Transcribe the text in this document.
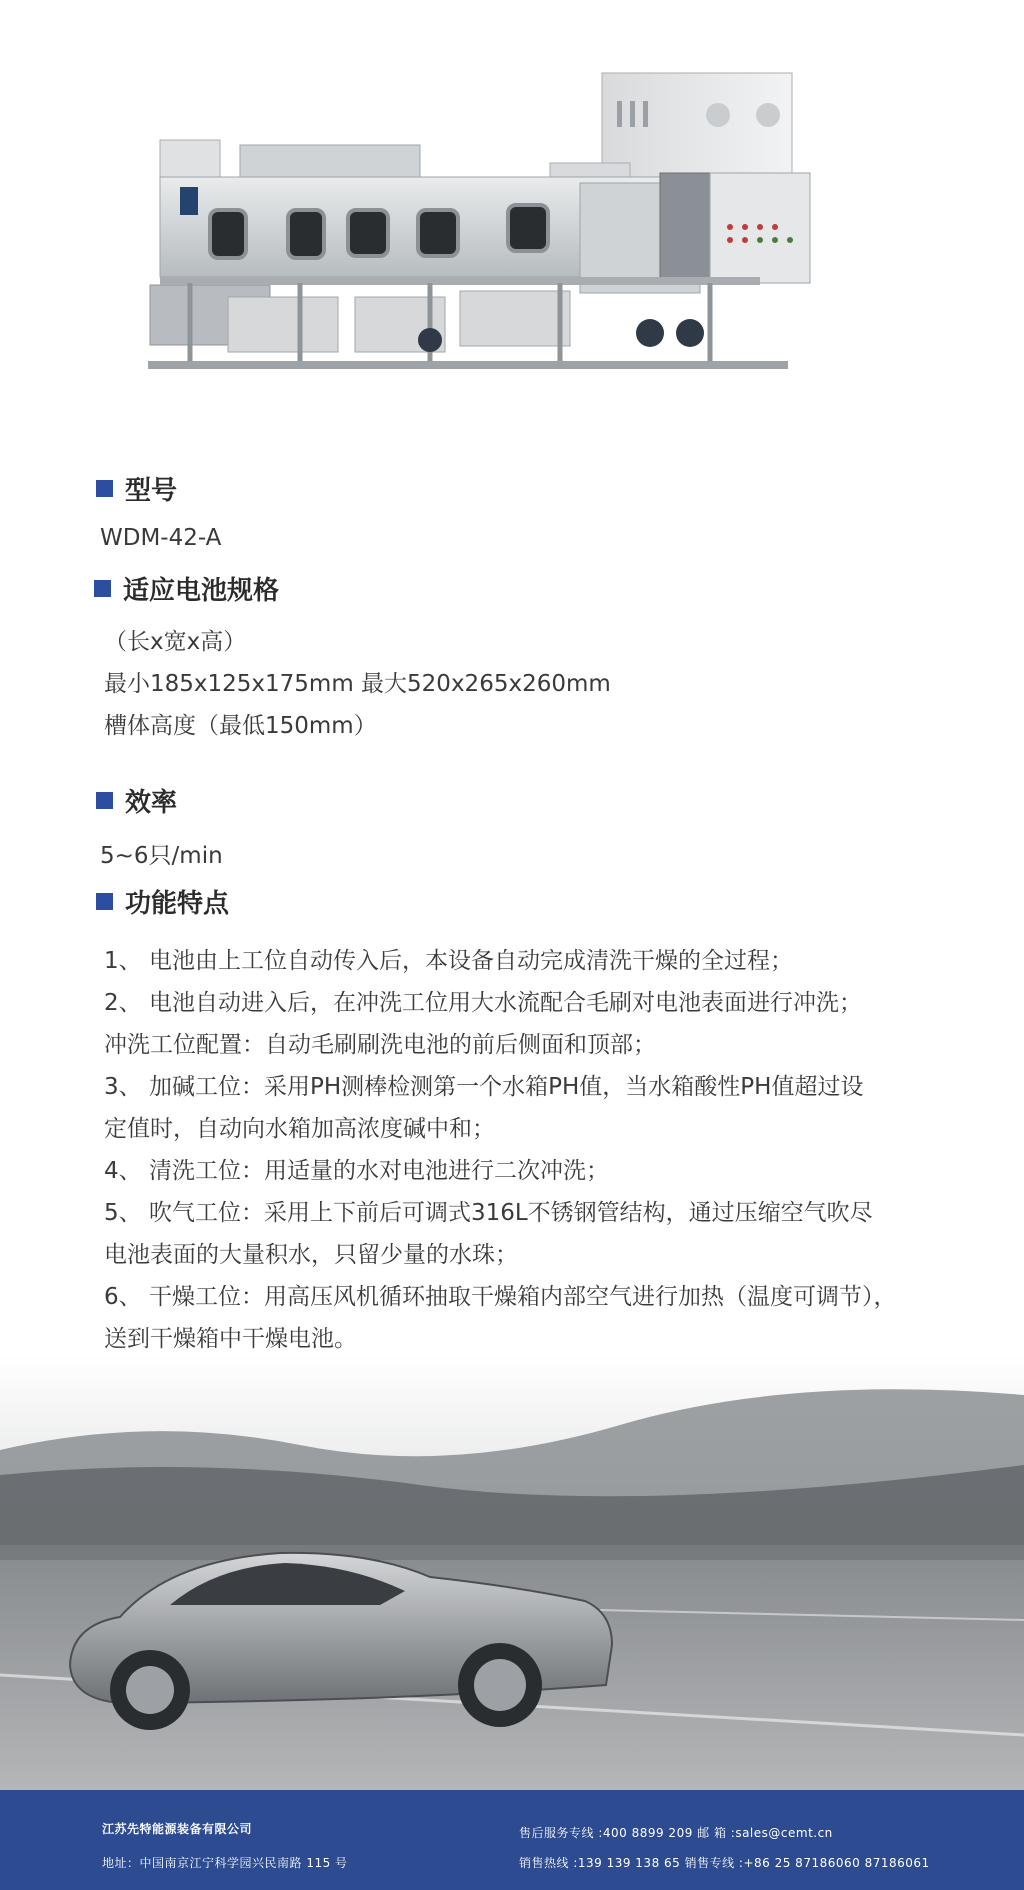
型号
WDM-42-A
适应电池规格
（长x宽x高）
最小185x125x175mm 最大520x265x260mm
槽体高度（最低150mm）
效率
5~6只/min
功能特点
1、 电池由上工位自动传入后，本设备自动完成清洗干燥的全过程；
2、 电池自动进入后，在冲洗工位用大水流配合毛刷对电池表面进行冲洗；
冲洗工位配置：自动毛刷刷洗电池的前后侧面和顶部；
3、 加碱工位：采用PH测棒检测第一个水箱PH值，当水箱酸性PH值超过设
定值时，自动向水箱加高浓度碱中和；
4、 清洗工位：用适量的水对电池进行二次冲洗；
5、 吹气工位：采用上下前后可调式316L不锈钢管结构，通过压缩空气吹尽
电池表面的大量积水，只留少量的水珠；
6、 干燥工位：用高压风机循环抽取干燥箱内部空气进行加热（温度可调节），
送到干燥箱中干燥电池。
江苏先特能源装备有限公司
地址：中国南京江宁科学园兴民南路 115 号
售后服务专线 :400 8899 209 邮 箱 :sales@cemt.cn
销售热线 :139 139 138 65 销售专线 :+86 25 87186060 87186061
